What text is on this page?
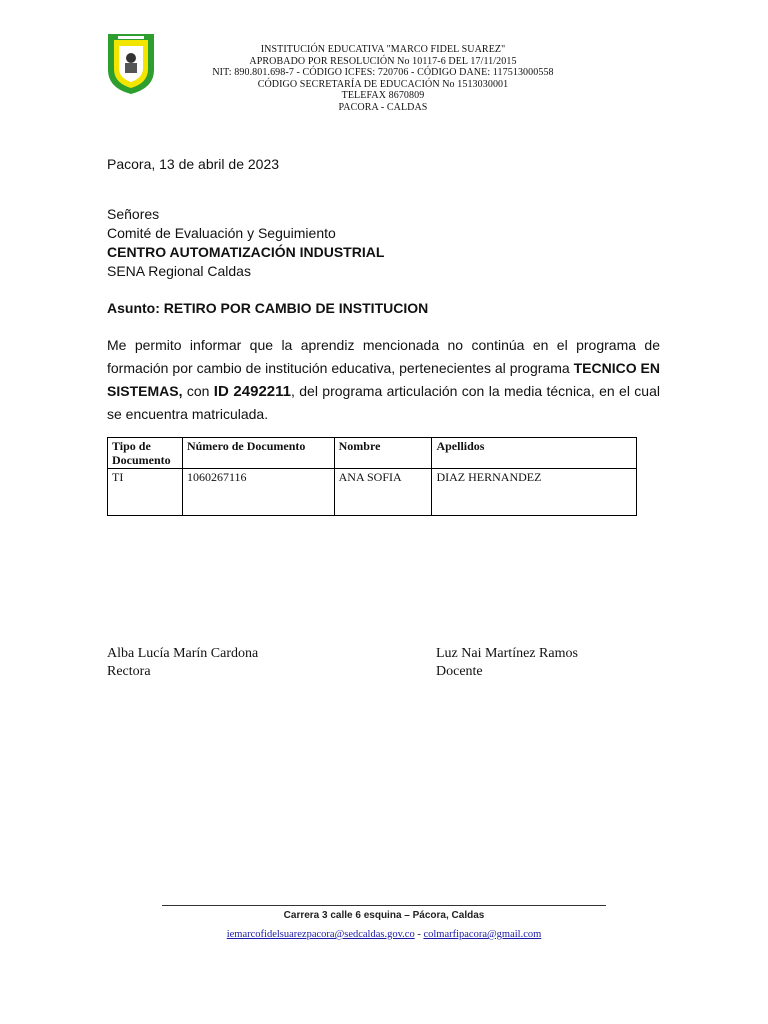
INSTITUCIÓN EDUCATIVA "MARCO FIDEL SUAREZ"
APROBADO POR RESOLUCIÓN No 10117-6 DEL 17/11/2015
NIT: 890.801.698-7 - CÓDIGO ICFES: 720706 - CÓDIGO DANE: 117513000558
CÓDIGO SECRETARÍA DE EDUCACIÓN No 1513030001
TELEFAX 8670809
PACORA - CALDAS
Pacora, 13 de abril de 2023
Señores
Comité de Evaluación y Seguimiento
CENTRO AUTOMATIZACIÓN INDUSTRIAL
SENA Regional Caldas
Asunto: RETIRO POR CAMBIO DE INSTITUCION
Me permito informar que la aprendiz mencionada no continúa en el programa de
formación por cambio de institución educativa, pertenecientes al programa TECNICO EN
SISTEMAS, con ID 2492211, del programa articulación con la media técnica, en el cual
se encuentra matriculada.
Tipo de Documento	Número de Documento	Nombre	Apellidos
TI	1060267116	ANA SOFIA	DIAZ HERNANDEZ
Alba Lucía Marín Cardona
Rectora
Luz Nai Martínez Ramos
Docente
Carrera 3 calle 6 esquina – Pácora, Caldas
iemarcofidelsuarezpacora@sedcaldas.gov.co - colmarfipacora@gmail.com
